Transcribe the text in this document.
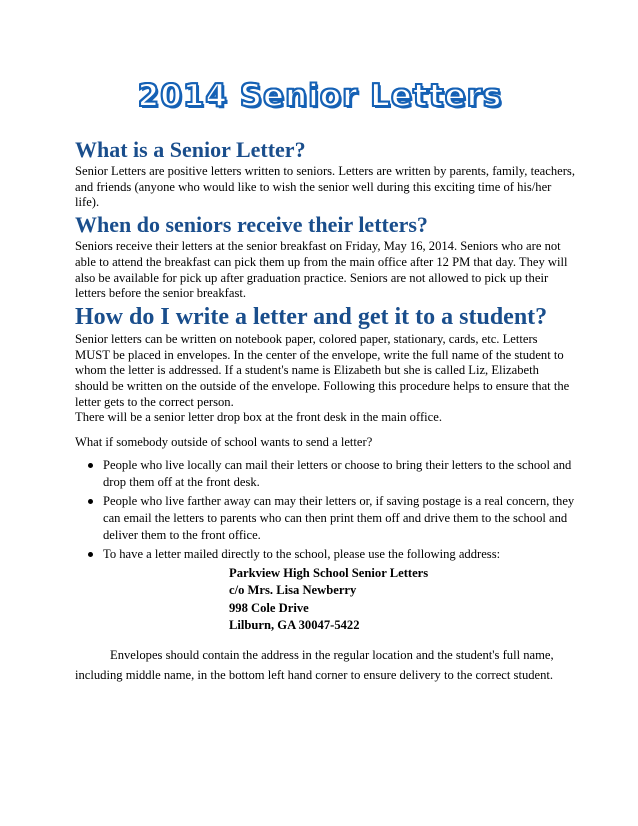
2014 Senior Letters
What is a Senior Letter?

Senior Letters are positive letters written to seniors. Letters are written by parents, family, teachers, and friends (anyone who would like to wish the senior well during this exciting time of his/her life).

When do seniors receive their letters?

Seniors receive their letters at the senior breakfast on Friday, May 16, 2014. Seniors who are not able to attend the breakfast can pick them up from the main office after 12 PM that day. They will also be available for pick up after graduation practice. Seniors are not allowed to pick up their letters before the senior breakfast.

How do I write a letter and get it to a student?

Senior letters can be written on notebook paper, colored paper, stationary, cards, etc. Letters MUST be placed in envelopes. In the center of the envelope, write the full name of the student to whom the letter is addressed. If a student's name is Elizabeth but she is called Liz, Elizabeth should be written on the outside of the envelope. Following this procedure helps to ensure that the letter gets to the correct person.

There will be a senior letter drop box at the front desk in the main office.

What if somebody outside of school wants to send a letter?

People who live locally can mail their letters or choose to bring their letters to the school and drop them off at the front desk.
People who live farther away can may their letters or, if saving postage is a real concern, they can email the letters to parents who can then print them off and drive them to the school and deliver them to the front office.
To have a letter mailed directly to the school, please use the following address:
Parkview High School Senior Letters
c/o Mrs. Lisa Newberry
998 Cole Drive
Lilburn, GA 30047-5422

Envelopes should contain the address in the regular location and the student's full name, including middle name, in the bottom left hand corner to ensure delivery to the correct student.
